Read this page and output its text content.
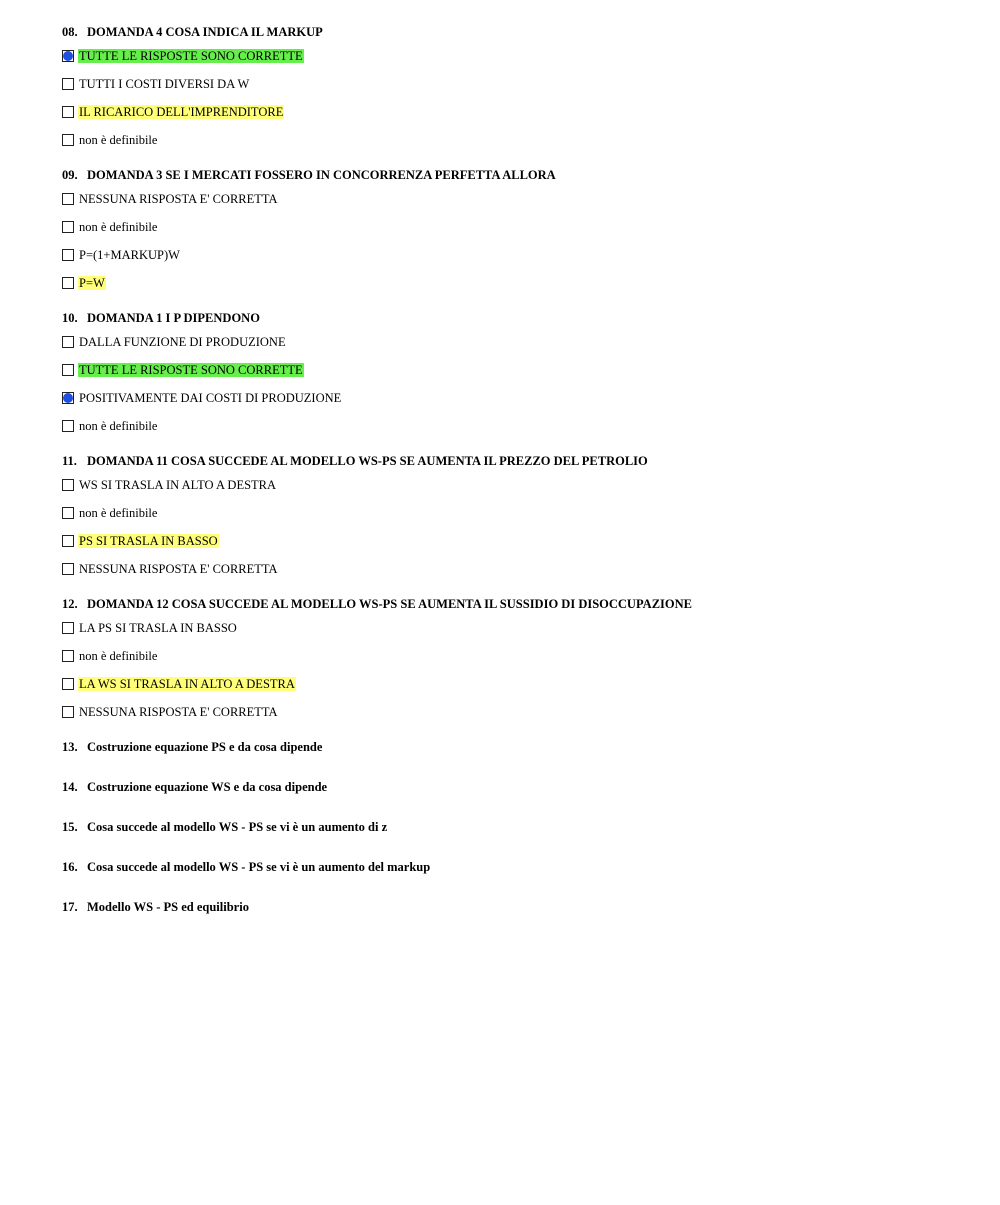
08. DOMANDA 4 COSA INDICA IL MARKUP
TUTTE LE RISPOSTE SONO CORRETTE
TUTTI I COSTI DIVERSI DA W
IL RICARICO DELL'IMPRENDITORE
non è definibile
09. DOMANDA 3 SE I MERCATI FOSSERO IN CONCORRENZA PERFETTA ALLORA
NESSUNA RISPOSTA E' CORRETTA
non è definibile
P=(1+MARKUP)W
P=W
10. DOMANDA 1 I P DIPENDONO
DALLA FUNZIONE DI PRODUZIONE
TUTTE LE RISPOSTE SONO CORRETTE
POSITIVAMENTE DAI COSTI DI PRODUZIONE
non è definibile
11. DOMANDA 11 COSA SUCCEDE AL MODELLO WS-PS SE AUMENTA IL PREZZO DEL PETROLIO
WS SI TRASLA IN ALTO A DESTRA
non è definibile
PS SI TRASLA IN BASSO
NESSUNA RISPOSTA E' CORRETTA
12. DOMANDA 12 COSA SUCCEDE AL MODELLO WS-PS SE AUMENTA IL SUSSIDIO DI DISOCCUPAZIONE
LA PS SI TRASLA IN BASSO
non è definibile
LA WS SI TRASLA IN ALTO A DESTRA
NESSUNA RISPOSTA E' CORRETTA
13. Costruzione equazione PS e da cosa dipende
14. Costruzione equazione WS e da cosa dipende
15. Cosa succede al modello WS - PS se vi è un aumento di z
16. Cosa succede al modello WS - PS se vi è un aumento del markup
17. Modello WS - PS ed equilibrio
